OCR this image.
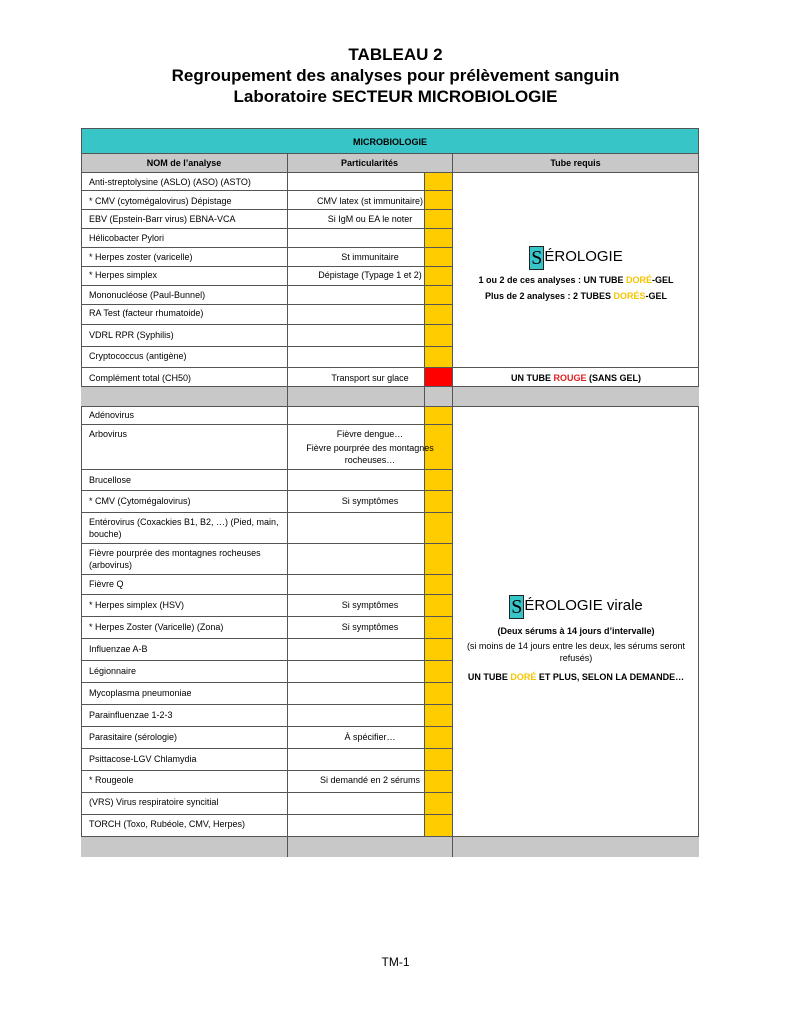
TABLEAU 2
Regroupement des analyses pour prélèvement sanguin
Laboratoire SECTEUR MICROBIOLOGIE
MICROBIOLOGIE
NOM de l’analyse	Particularités	Tube requis
Anti-streptolysine (ASLO) (ASO) (ASTO)
* CMV (cytomégalovirus) Dépistage	CMV latex (st immunitaire)
EBV (Epstein-Barr virus) EBNA-VCA	Si IgM ou EA le noter
Hélicobacter Pylori
* Herpes zoster (varicelle)	St immunitaire
* Herpes simplex	Dépistage (Typage 1 et 2)
Mononucléose (Paul-Bunnel)
RA Test (facteur rhumatoide)
VDRL RPR (Syphilis)
Cryptococcus (antigène)
Complément total (CH50)	Transport sur glace
S ÉROLOGIE
1 ou 2 de ces analyses : UN TUBE DORÉ-GEL
Plus de 2 analyses : 2 TUBES DORÉS-GEL
UN TUBE ROUGE (SANS GEL)
Adénovirus
Arbovirus	Fièvre dengue…
Fièvre pourprée des montagnes
rocheuses…
Brucellose
* CMV (Cytomégalovirus)	Si symptômes
Entérovirus (Coxackies B1, B2, …) (Pied, main,
bouche)
Fièvre pourprée des montagnes rocheuses
(arbovirus)
Fièvre Q
* Herpes simplex (HSV)	Si symptômes
* Herpes Zoster (Varicelle) (Zona)	Si symptômes
Influenzae A-B
Légionnaire
Mycoplasma pneumoniae
Parainfluenzae 1-2-3
Parasitaire (sérologie)	À spécifier…
Psittacose-LGV Chlamydia
* Rougeole	Si demandé en 2 sérums
(VRS) Virus respiratoire syncitial
TORCH (Toxo, Rubéole, CMV, Herpes)
S ÉROLOGIE virale
(Deux sérums à 14 jours d’intervalle)
(si moins de 14 jours entre les deux, les sérums seront
refusés)
UN TUBE DORÉ ET PLUS, SELON LA DEMANDE…
TM-1
